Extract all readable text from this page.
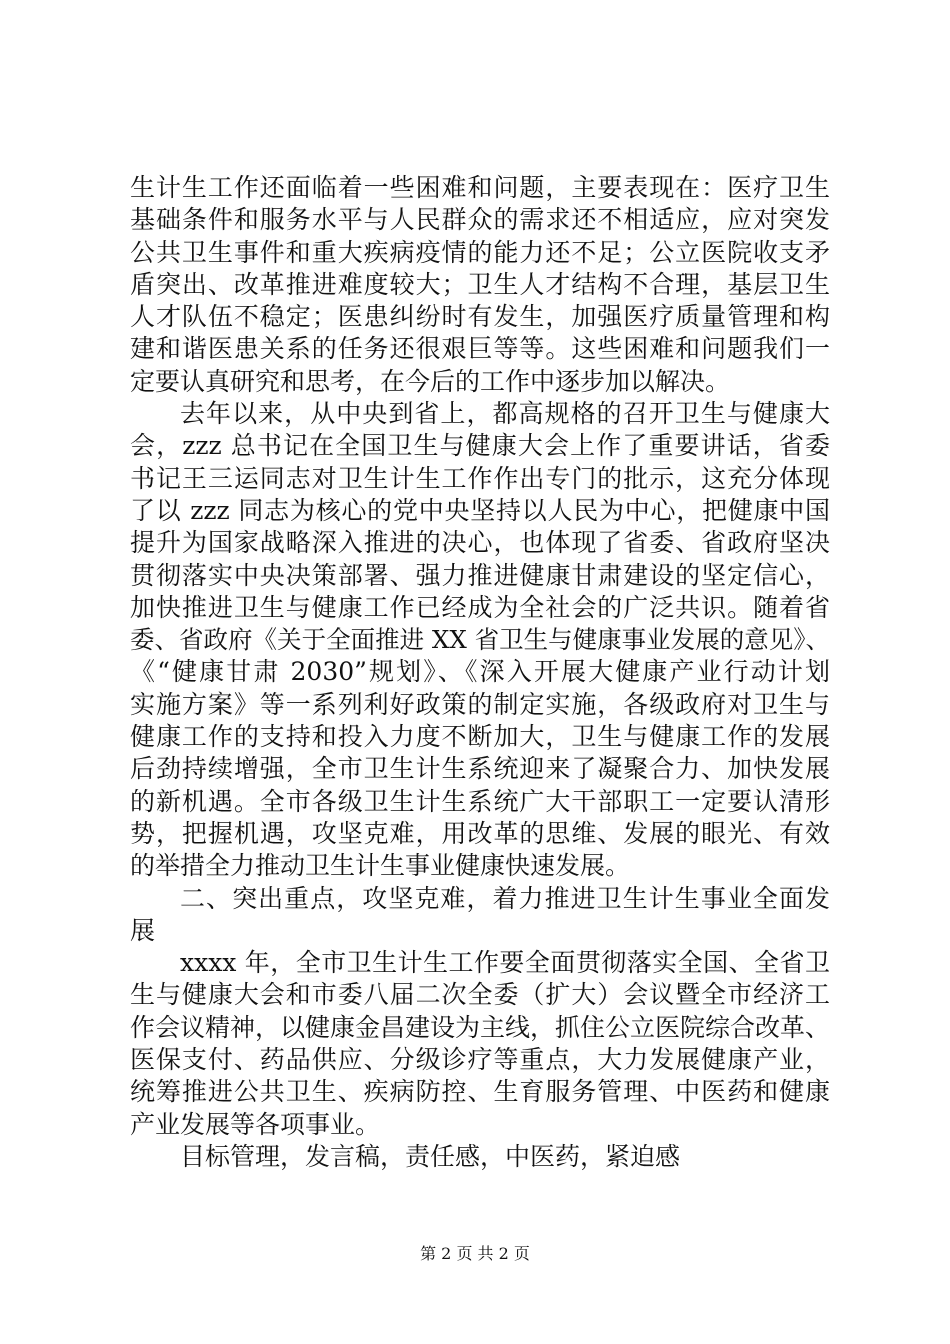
生计生工作还面临着一些困难和问题，主要表现在：医疗卫生
基础条件和服务水平与人民群众的需求还不相适应，应对突发
公共卫生事件和重大疾病疫情的能力还不足；公立医院收支矛
盾突出、改革推进难度较大；卫生人才结构不合理，基层卫生
人才队伍不稳定；医患纠纷时有发生，加强医疗质量管理和构
建和谐医患关系的任务还很艰巨等等。这些困难和问题我们一
定要认真研究和思考，在今后的工作中逐步加以解决。
去年以来，从中央到省上，都高规格的召开卫生与健康大
会，zzz 总书记在全国卫生与健康大会上作了重要讲话，省委
书记王三运同志对卫生计生工作作出专门的批示，这充分体现
了以 zzz 同志为核心的党中央坚持以人民为中心，把健康中国
提升为国家战略深入推进的决心，也体现了省委、省政府坚决
贯彻落实中央决策部署、强力推进健康甘肃建设的坚定信心，
加快推进卫生与健康工作已经成为全社会的广泛共识。随着省
委、省政府《关于全面推进 XX 省卫生与健康事业发展的意见》、
《“健康甘肃 2030”规划》、《深入开展大健康产业行动计划
实施方案》等一系列利好政策的制定实施，各级政府对卫生与
健康工作的支持和投入力度不断加大，卫生与健康工作的发展
后劲持续增强，全市卫生计生系统迎来了凝聚合力、加快发展
的新机遇。全市各级卫生计生系统广大干部职工一定要认清形
势，把握机遇，攻坚克难，用改革的思维、发展的眼光、有效
的举措全力推动卫生计生事业健康快速发展。
二、突出重点，攻坚克难，着力推进卫生计生事业全面发
展
xxxx 年，全市卫生计生工作要全面贯彻落实全国、全省卫
生与健康大会和市委八届二次全委（扩大）会议暨全市经济工
作会议精神，以健康金昌建设为主线，抓住公立医院综合改革、
医保支付、药品供应、分级诊疗等重点，大力发展健康产业，
统筹推进公共卫生、疾病防控、生育服务管理、中医药和健康
产业发展等各项事业。
目标管理，发言稿，责任感，中医药，紧迫感
第 2 页 共 2 页
